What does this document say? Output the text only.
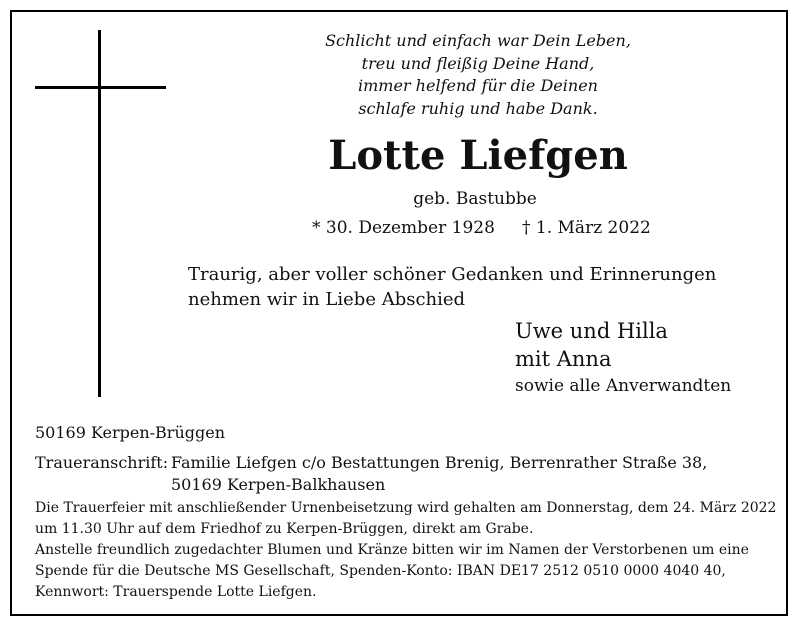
Schlicht und einfach war Dein Leben,
treu und fleißig Deine Hand,
immer helfend für die Deinen
schlafe ruhig und habe Dank.
Lotte Liefgen
geb. Bastubbe
* 30. Dezember 1928 † 1. März 2022
Traurig, aber voller schöner Gedanken und Erinnerungen nehmen wir in Liebe Abschied
Uwe und Hilla
mit Anna
sowie alle Anverwandten
50169 Kerpen-Brüggen
Traueranschrift: Familie Liefgen c/o Bestattungen Brenig, Berrenrather Straße 38,
50169 Kerpen-Balkhausen
Die Trauerfeier mit anschließender Urnenbeisetzung wird gehalten am Donnerstag, dem 24. März 2022
um 11.30 Uhr auf dem Friedhof zu Kerpen-Brüggen, direkt am Grabe.
Anstelle freundlich zugedachter Blumen und Kränze bitten wir im Namen der Verstorbenen um eine
Spende für die Deutsche MS Gesellschaft, Spenden-Konto: IBAN DE17 2512 0510 0000 4040 40,
Kennwort: Trauerspende Lotte Liefgen.
